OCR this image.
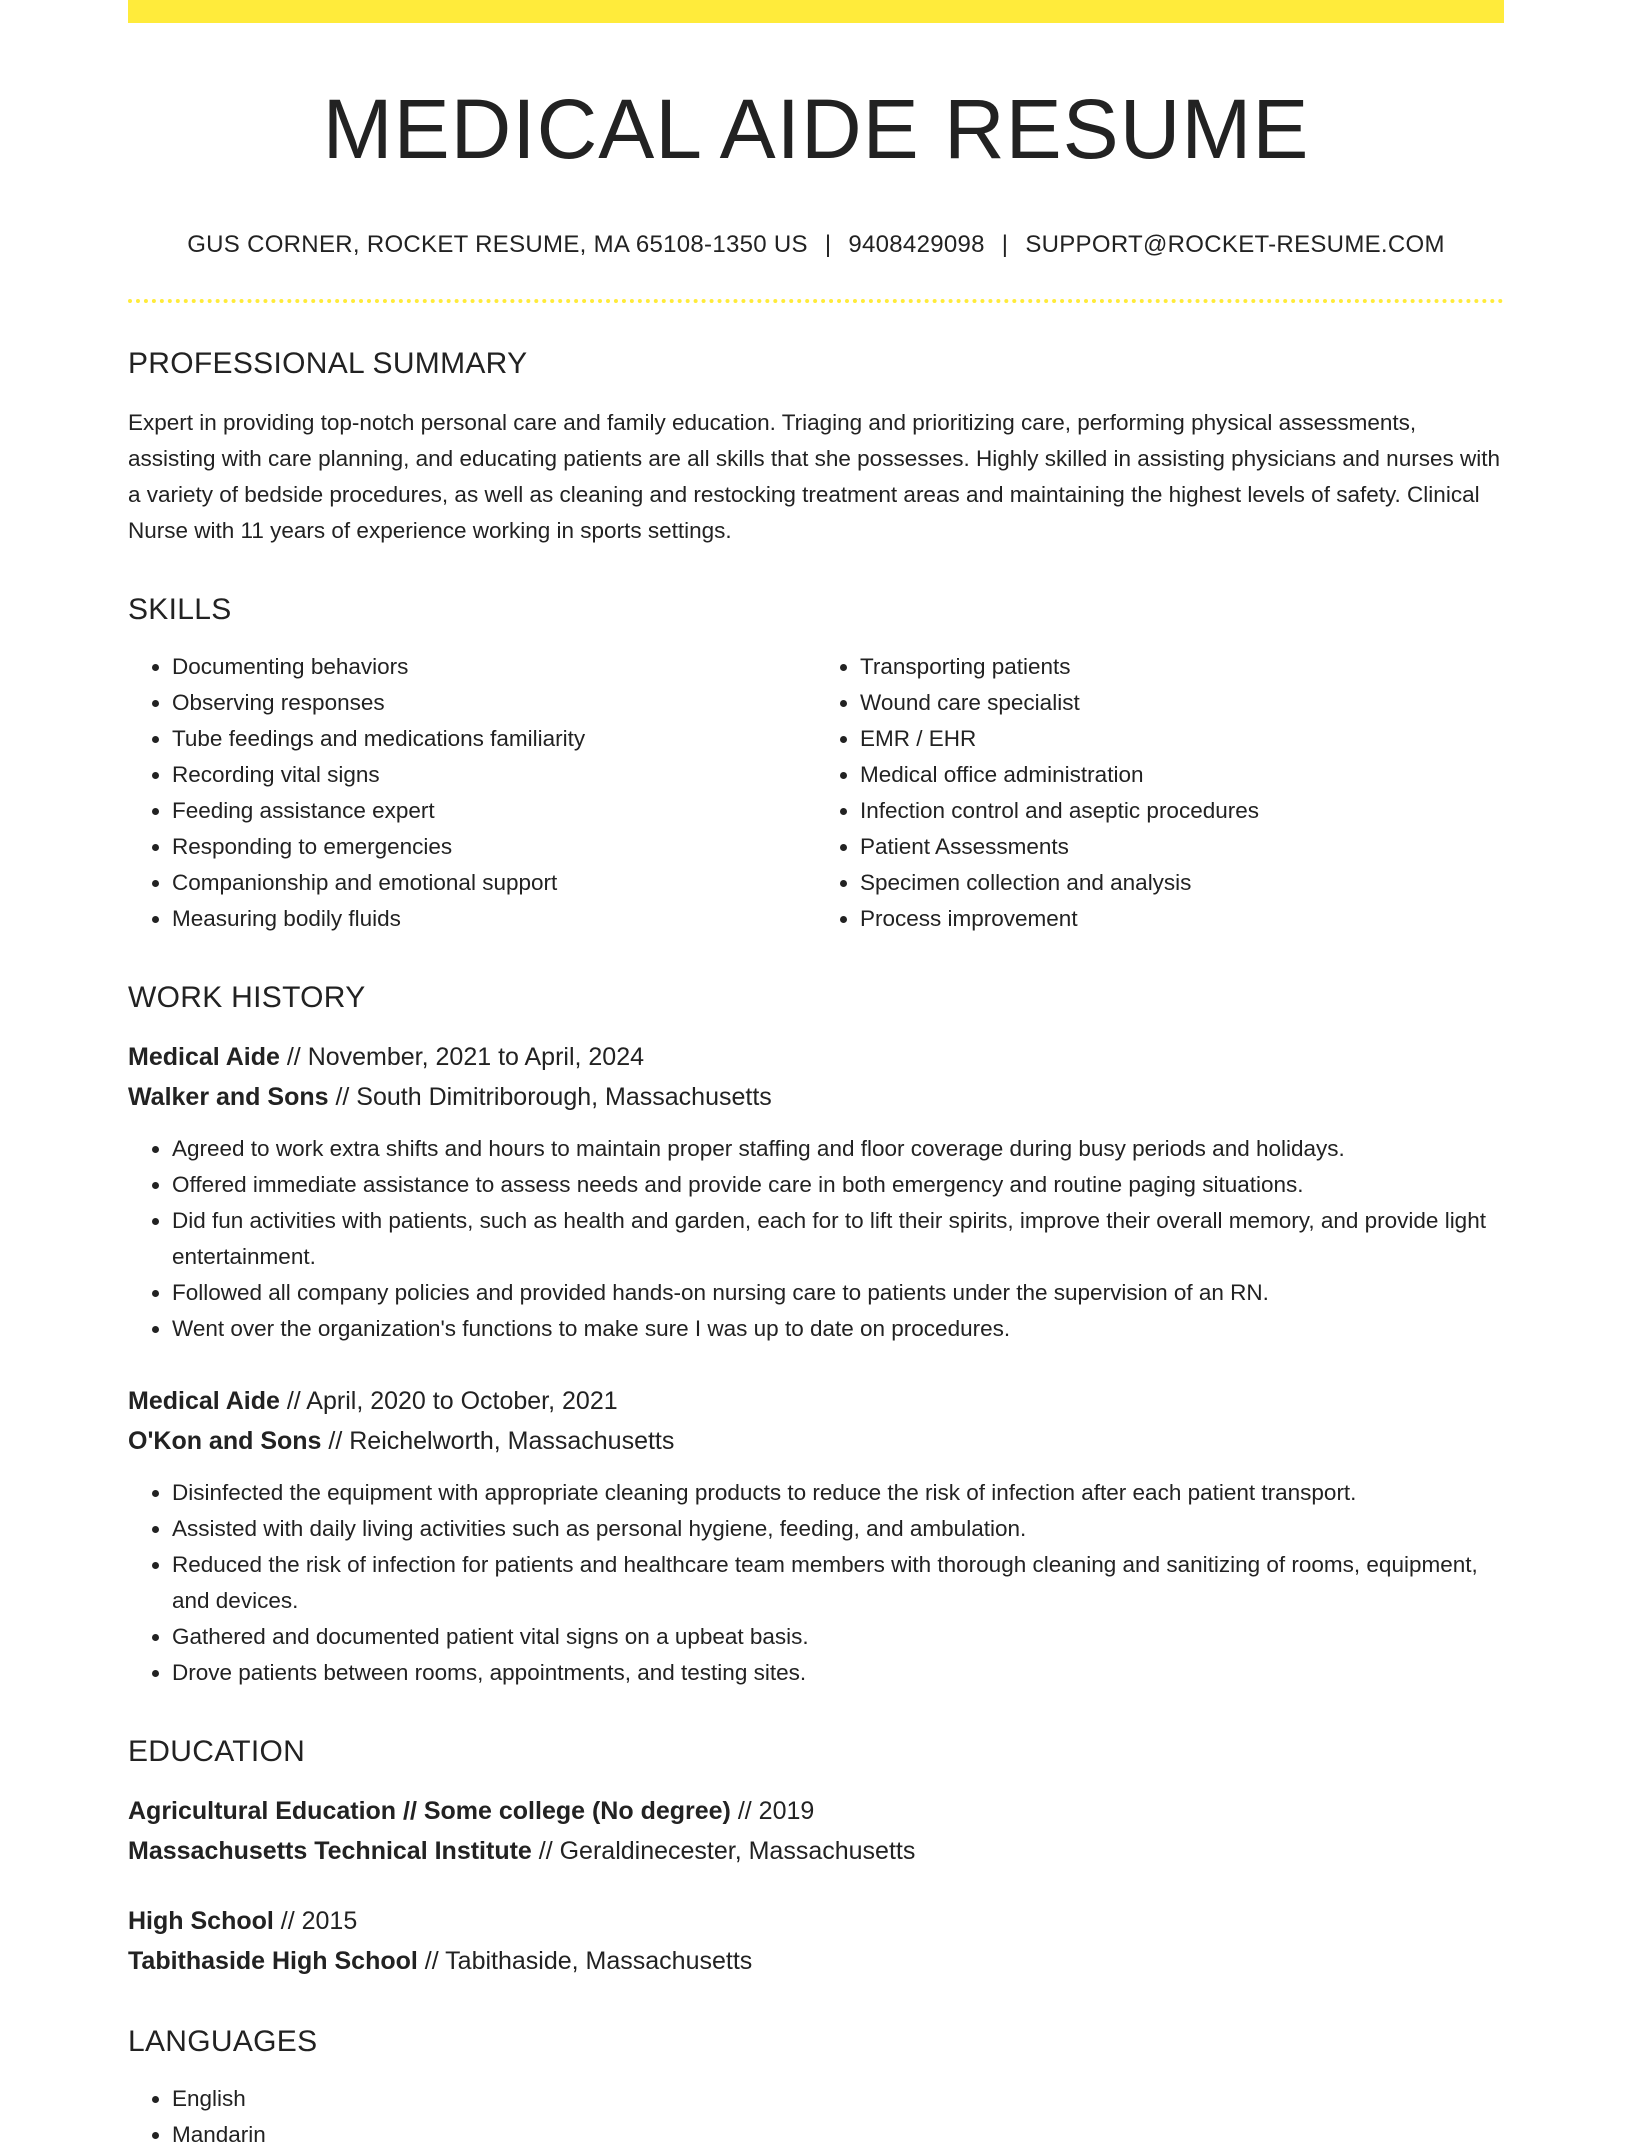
MEDICAL AIDE RESUME
GUS CORNER, ROCKET RESUME, MA 65108-1350 US | 9408429098 | SUPPORT@ROCKET-RESUME.COM
PROFESSIONAL SUMMARY

Expert in providing top-notch personal care and family education. Triaging and prioritizing care, performing physical assessments, assisting with care planning, and educating patients are all skills that she possesses. Highly skilled in assisting physicians and nurses with a variety of bedside procedures, as well as cleaning and restocking treatment areas and maintaining the highest levels of safety. Clinical Nurse with 11 years of experience working in sports settings.

SKILLS
• Documenting behaviors
• Observing responses
• Tube feedings and medications familiarity
• Recording vital signs
• Feeding assistance expert
• Responding to emergencies
• Companionship and emotional support
• Measuring bodily fluids
• Transporting patients
• Wound care specialist
• EMR / EHR
• Medical office administration
• Infection control and aseptic procedures
• Patient Assessments
• Specimen collection and analysis
• Process improvement
WORK HISTORY
Medical Aide // November, 2021 to April, 2024
Walker and Sons // South Dimitriborough, Massachusetts
• Agreed to work extra shifts and hours to maintain proper staffing and floor coverage during busy periods and holidays.
• Offered immediate assistance to assess needs and provide care in both emergency and routine paging situations.
• Did fun activities with patients, such as health and garden, each for to lift their spirits, improve their overall memory, and provide light entertainment.
• Followed all company policies and provided hands-on nursing care to patients under the supervision of an RN.
• Went over the organization's functions to make sure I was up to date on procedures.
Medical Aide // April, 2020 to October, 2021
O'Kon and Sons // Reichelworth, Massachusetts
• Disinfected the equipment with appropriate cleaning products to reduce the risk of infection after each patient transport.
• Assisted with daily living activities such as personal hygiene, feeding, and ambulation.
• Reduced the risk of infection for patients and healthcare team members with thorough cleaning and sanitizing of rooms, equipment, and devices.
• Gathered and documented patient vital signs on a upbeat basis.
• Drove patients between rooms, appointments, and testing sites.
EDUCATION
Agricultural Education // Some college (No degree) // 2019
Massachusetts Technical Institute // Geraldinecester, Massachusetts
High School // 2015
Tabithaside High School // Tabithaside, Massachusetts
LANGUAGES
• English
• Mandarin
